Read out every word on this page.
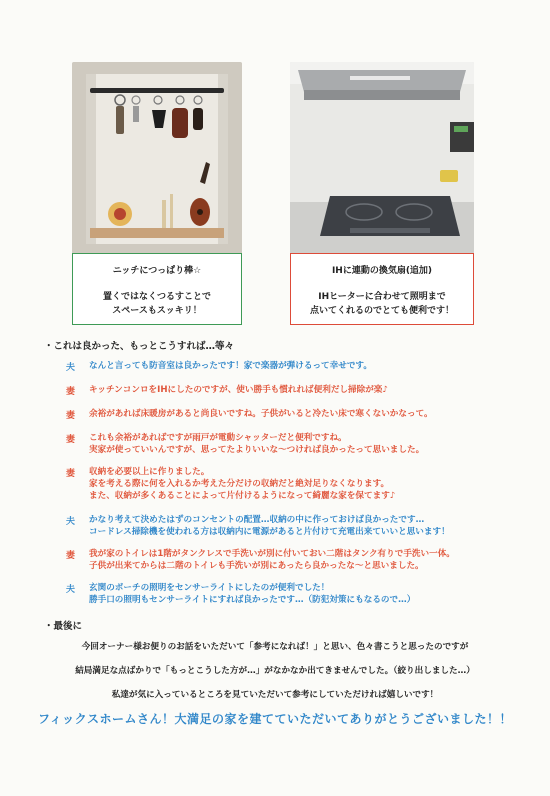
ニッチにつっぱり棒☆
置くではなくつるすことで
スペースもスッキリ！
IHに連動の換気扇(追加)
IHヒーターに合わせて照明まで
点いてくれるのでとても便利です！
・これは良かった、もっとこうすれば…等々
夫	なんと言っても防音室は良かったです！家で楽器が弾けるって幸せです。
妻	キッチンコンロをIHにしたのですが、使い勝手も慣れれば便利だし掃除が楽♪
妻	余裕があれば床暖房があると尚良いですね。子供がいると冷たい床で寒くないかなって。
妻	これも余裕があればですが雨戸が電動シャッターだと便利ですね。
実家が使っていいんですが、思ってたよりいいな～つければ良かったって思いました。
妻	収納を必要以上に作りました。
家を考える際に何を入れるか考えた分だけの収納だと絶対足りなくなります。
また、収納が多くあることによって片付けるようになって綺麗な家を保てます♪
夫	かなり考えて決めたはずのコンセントの配置…収納の中に作っておけば良かったです…
コードレス掃除機を使われる方は収納内に電源があると片付けて充電出来ていいと思います！
妻	我が家のトイレは1階がタンクレスで手洗いが別に付いておい二階はタンク有りで手洗い一体。
子供が出来てからは二階のトイレも手洗いが別にあったら良かったな～と思いました。
夫	玄関のポーチの照明をセンサーライトにしたのが便利でした！
勝手口の照明もセンサーライトにすれば良かったです…（防犯対策にもなるので…）
・最後に
今回オーナー様お便りのお話をいただいて「参考になれば！」と思い、色々書こうと思ったのですが
結局満足な点ばかりで「もっとこうした方が…」がなかなか出てきませんでした。（絞り出しました…）
私達が気に入っているところを見ていただいて参考にしていただければ嬉しいです！
フィックスホームさん！大満足の家を建てていただいてありがとうございました！！
